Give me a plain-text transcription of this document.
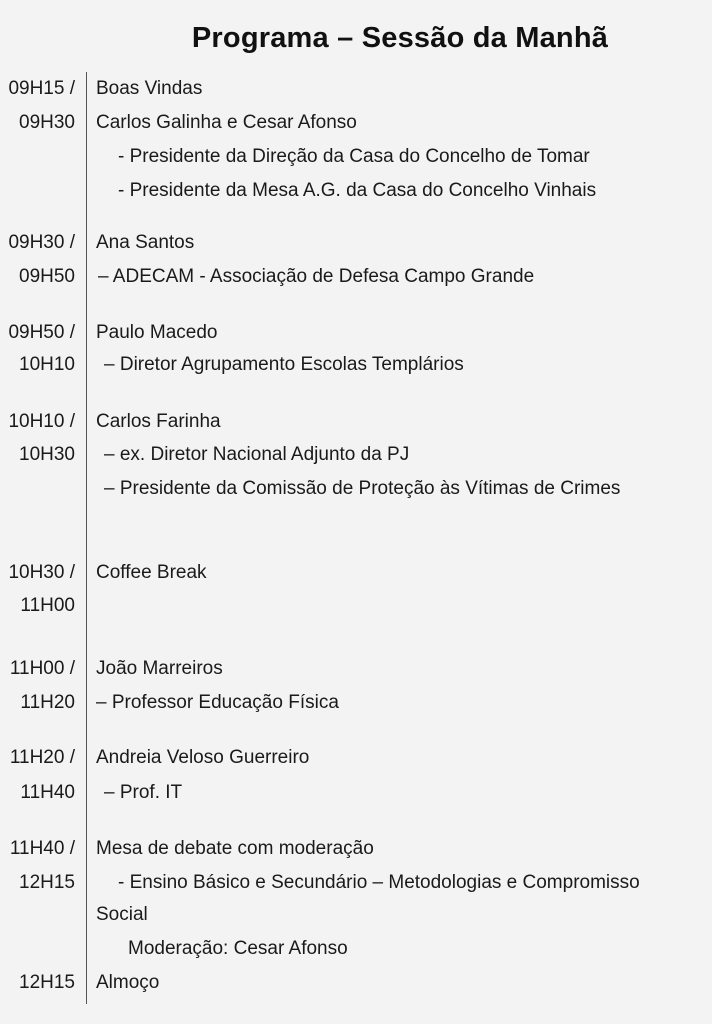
Programa – Sessão da Manhã
09H15 /
09H30
Boas Vindas
Carlos Galinha e Cesar Afonso
- Presidente da Direção da Casa do Concelho de Tomar
- Presidente da Mesa A.G. da Casa do Concelho Vinhais
09H30 /
09H50
Ana Santos
– ADECAM - Associação de Defesa Campo Grande
09H50 /
10H10
Paulo Macedo
– Diretor Agrupamento Escolas Templários
10H10 /
10H30
Carlos Farinha
– ex. Diretor Nacional Adjunto da PJ
– Presidente da Comissão de Proteção às Vítimas de Crimes
10H30 /
11H00
Coffee Break
11H00 /
11H20
João Marreiros
– Professor Educação Física
11H20 /
11H40
Andreia Veloso Guerreiro
– Prof. IT
11H40 /
12H15
Mesa de debate com moderação
- Ensino Básico e Secundário – Metodologias e Compromisso
Social
Moderação: Cesar Afonso
12H15 Almoço
